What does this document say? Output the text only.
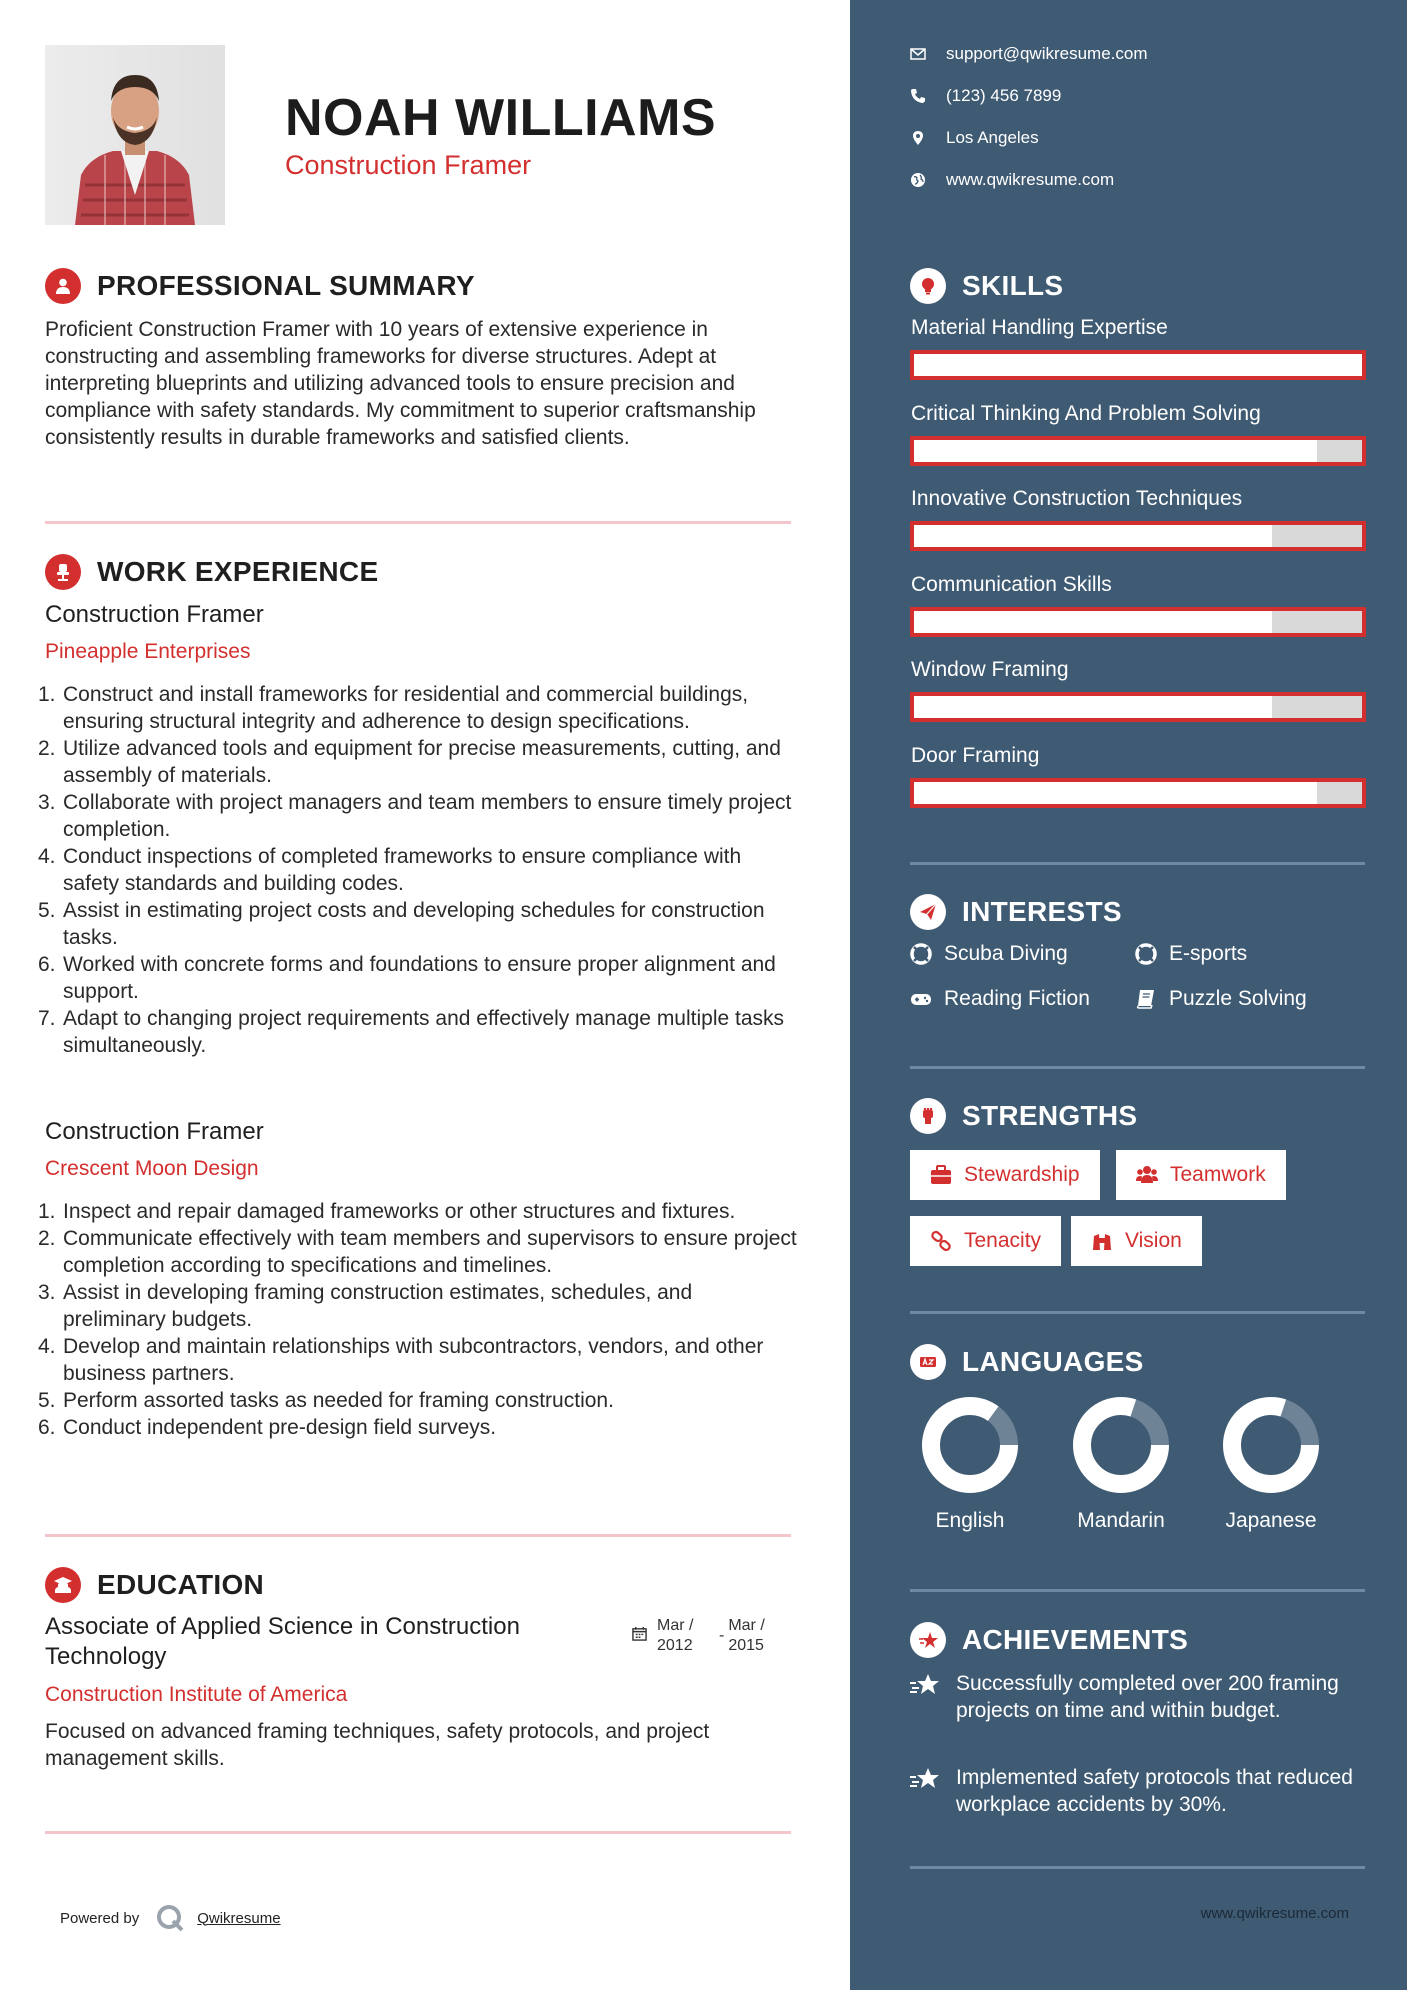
NOAH WILLIAMS
Construction Framer
PROFESSIONAL SUMMARY
Proficient Construction Framer with 10 years of extensive experience in constructing and assembling frameworks for diverse structures. Adept at interpreting blueprints and utilizing advanced tools to ensure precision and compliance with safety standards. My commitment to superior craftsmanship consistently results in durable frameworks and satisfied clients.
WORK EXPERIENCE
Construction Framer
Pineapple Enterprises
1. Construct and install frameworks for residential and commercial buildings, ensuring structural integrity and adherence to design specifications.
2. Utilize advanced tools and equipment for precise measurements, cutting, and assembly of materials.
3. Collaborate with project managers and team members to ensure timely project completion.
4. Conduct inspections of completed frameworks to ensure compliance with safety standards and building codes.
5. Assist in estimating project costs and developing schedules for construction tasks.
6. Worked with concrete forms and foundations to ensure proper alignment and support.
7. Adapt to changing project requirements and effectively manage multiple tasks simultaneously.
Construction Framer
Crescent Moon Design
1. Inspect and repair damaged frameworks or other structures and fixtures.
2. Communicate effectively with team members and supervisors to ensure project completion according to specifications and timelines.
3. Assist in developing framing construction estimates, schedules, and preliminary budgets.
4. Develop and maintain relationships with subcontractors, vendors, and other business partners.
5. Perform assorted tasks as needed for framing construction.
6. Conduct independent pre-design field surveys.
EDUCATION
Associate of Applied Science in Construction Technology
Mar /
2012
-
Mar /
2015
Construction Institute of America
Focused on advanced framing techniques, safety protocols, and project management skills.
Powered by	Qwikresume
support@qwikresume.com
(123) 456 7899
Los Angeles
www.qwikresume.com
SKILLS
Material Handling Expertise
Critical Thinking And Problem Solving
Innovative Construction Techniques
Communication Skills
Window Framing
Door Framing
INTERESTS
Scuba Diving	E-sports
Reading Fiction	Puzzle Solving
STRENGTHS
Stewardship	Teamwork
Tenacity	Vision
LANGUAGES
English	Mandarin	Japanese
ACHIEVEMENTS
Successfully completed over 200 framing projects on time and within budget.
Implemented safety protocols that reduced workplace accidents by 30%.
www.qwikresume.com
